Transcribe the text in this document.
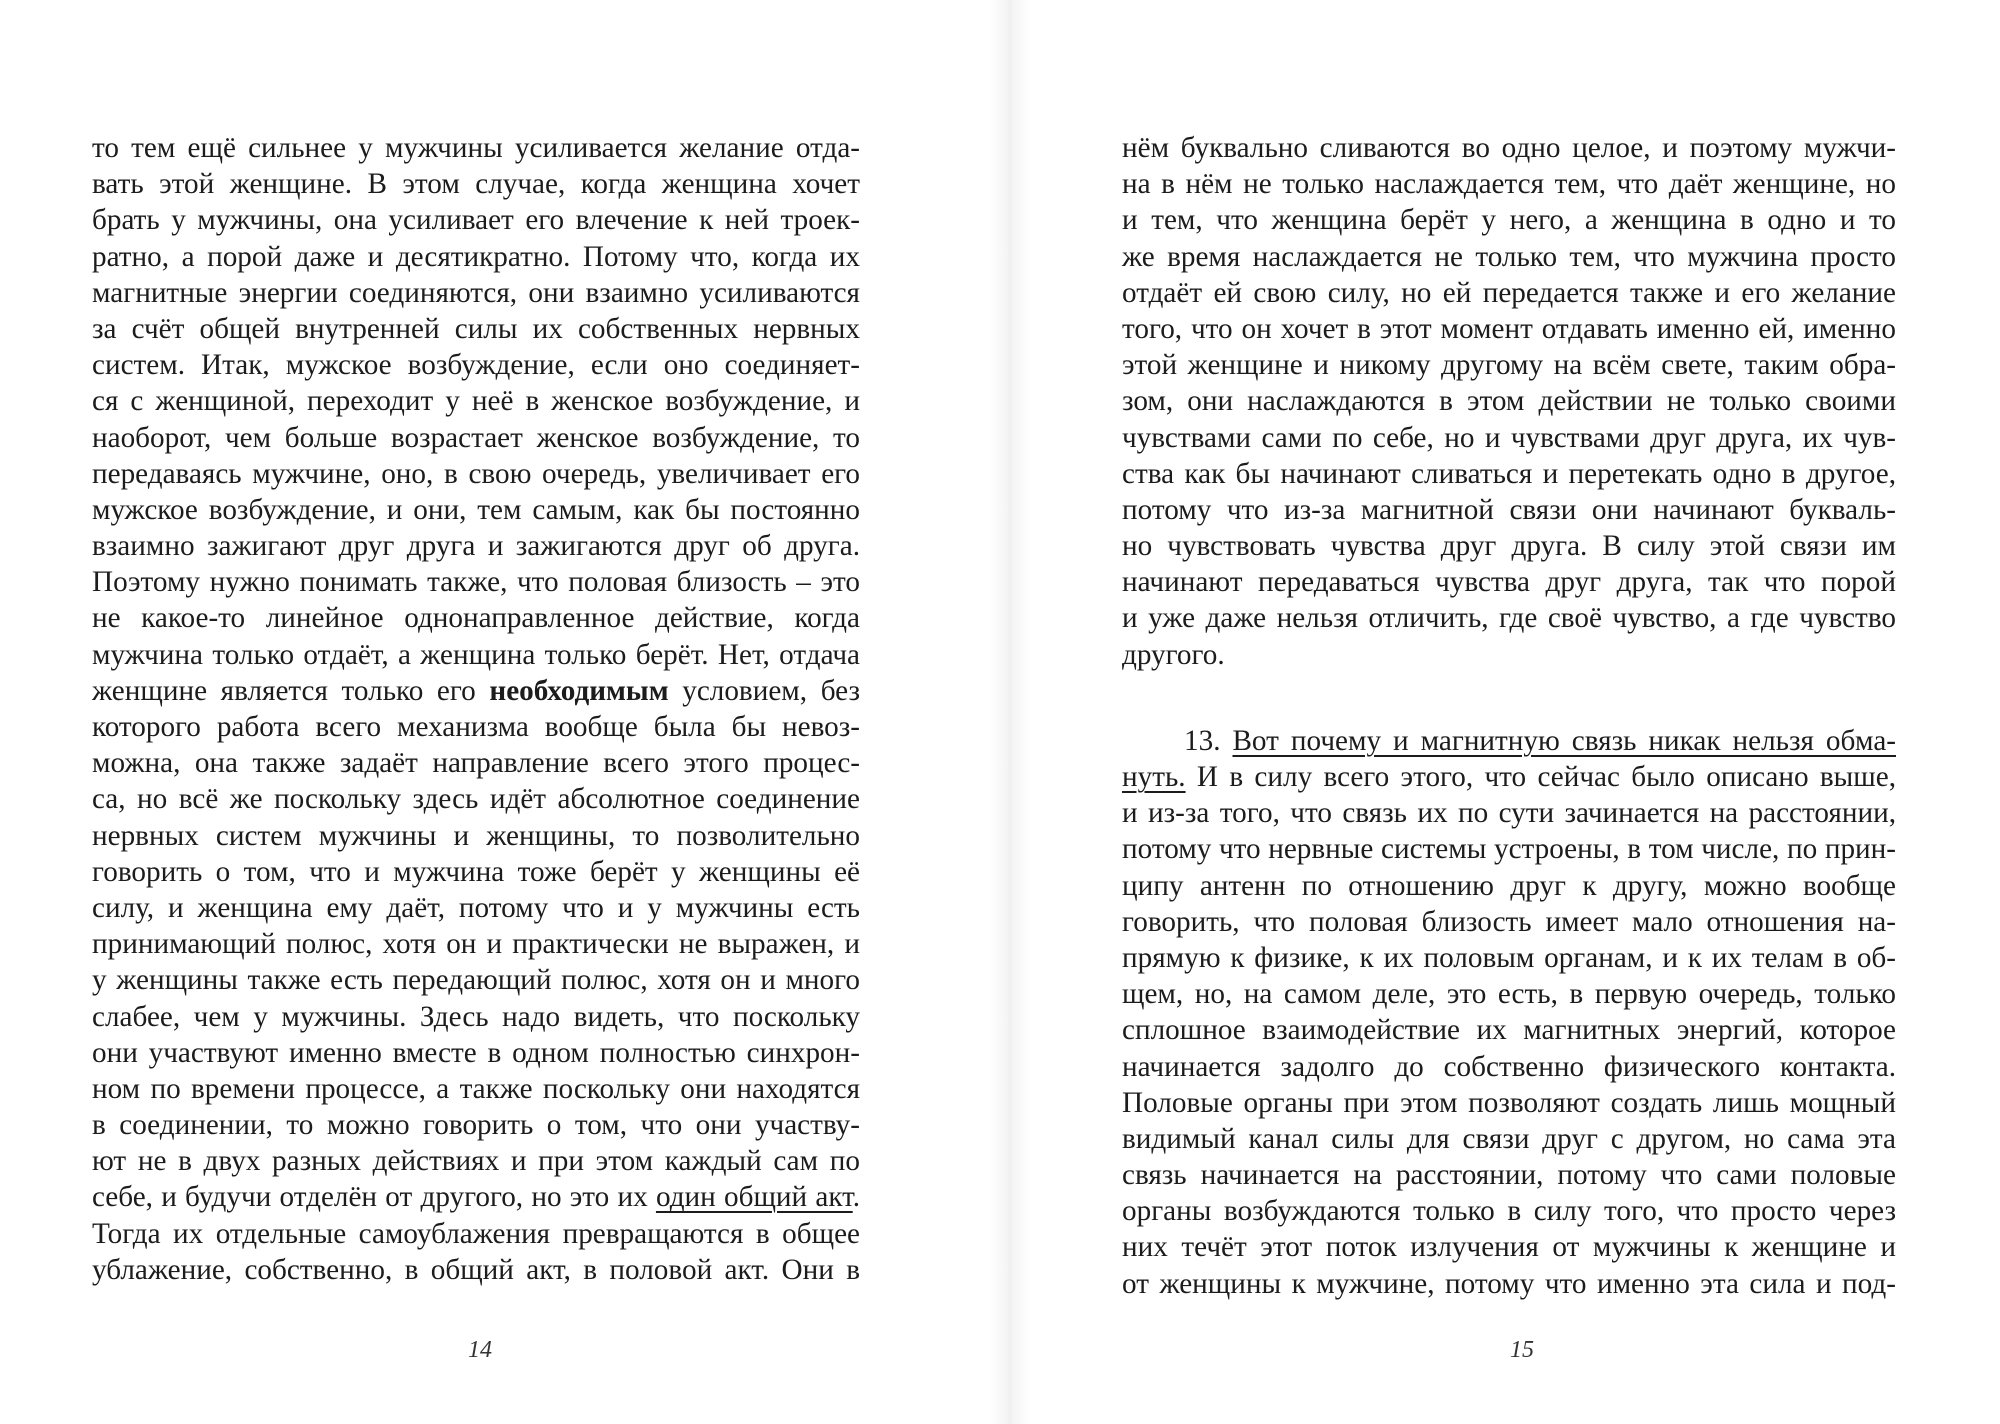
то тем ещё сильнее у мужчины усиливается желание отда-
вать этой женщине. В этом случае, когда женщина хочет
брать у мужчины, она усиливает его влечение к ней троек-
ратно, а порой даже и десятикратно. Потому что, когда их
магнитные энергии соединяются, они взаимно усиливаются
за счёт общей внутренней силы их собственных нервных
систем. Итак, мужское возбуждение, если оно соединяет-
ся с женщиной, переходит у неё в женское возбуждение, и
наоборот, чем больше возрастает женское возбуждение, то
передаваясь мужчине, оно, в свою очередь, увеличивает его
мужское возбуждение, и они, тем самым, как бы постоянно
взаимно зажигают друг друга и зажигаются друг об друга.
Поэтому нужно понимать также, что половая близость – это
не какое-то линейное однонаправленное действие, когда
мужчина только отдаёт, а женщина только берёт. Нет, отдача
женщине является только его необходимым условием, без
которого работа всего механизма вообще была бы невоз-
можна, она также задаёт направление всего этого процес-
са, но всё же поскольку здесь идёт абсолютное соединение
нервных систем мужчины и женщины, то позволительно
говорить о том, что и мужчина тоже берёт у женщины её
силу, и женщина ему даёт, потому что и у мужчины есть
принимающий полюс, хотя он и практически не выражен, и
у женщины также есть передающий полюс, хотя он и много
слабее, чем у мужчины. Здесь надо видеть, что поскольку
они участвуют именно вместе в одном полностью синхрон-
ном по времени процессе, а также поскольку они находятся
в соединении, то можно говорить о том, что они участву-
ют не в двух разных действиях и при этом каждый сам по
себе, и будучи отделён от другого, но это их один общий акт.
Тогда их отдельные самоублажения превращаются в общее
ублажение, собственно, в общий акт, в половой акт. Они в
нём буквально сливаются во одно целое, и поэтому мужчи-
на в нём не только наслаждается тем, что даёт женщине, но
и тем, что женщина берёт у него, а женщина в одно и то
же время наслаждается не только тем, что мужчина просто
отдаёт ей свою силу, но ей передается также и его желание
того, что он хочет в этот момент отдавать именно ей, именно
этой женщине и никому другому на всём свете, таким обра-
зом, они наслаждаются в этом действии не только своими
чувствами сами по себе, но и чувствами друг друга, их чув-
ства как бы начинают сливаться и перетекать одно в другое,
потому что из-за магнитной связи они начинают букваль-
но чувствовать чувства друг друга. В силу этой связи им
начинают передаваться чувства друг друга, так что порой
и уже даже нельзя отличить, где своё чувство, а где чувство
другого.
13. Вот почему и магнитную связь никак нельзя обма-
нуть. И в силу всего этого, что сейчас было описано выше,
и из-за того, что связь их по сути зачинается на расстоянии,
потому что нервные системы устроены, в том числе, по прин-
ципу антенн по отношению друг к другу, можно вообще
говорить, что половая близость имеет мало отношения на-
прямую к физике, к их половым органам, и к их телам в об-
щем, но, на самом деле, это есть, в первую очередь, только
сплошное взаимодействие их магнитных энергий, которое
начинается задолго до собственно физического контакта.
Половые органы при этом позволяют создать лишь мощный
видимый канал силы для связи друг с другом, но сама эта
связь начинается на расстоянии, потому что сами половые
органы возбуждаются только в силу того, что просто через
них течёт этот поток излучения от мужчины к женщине и
от женщины к мужчине, потому что именно эта сила и под-
14	15
